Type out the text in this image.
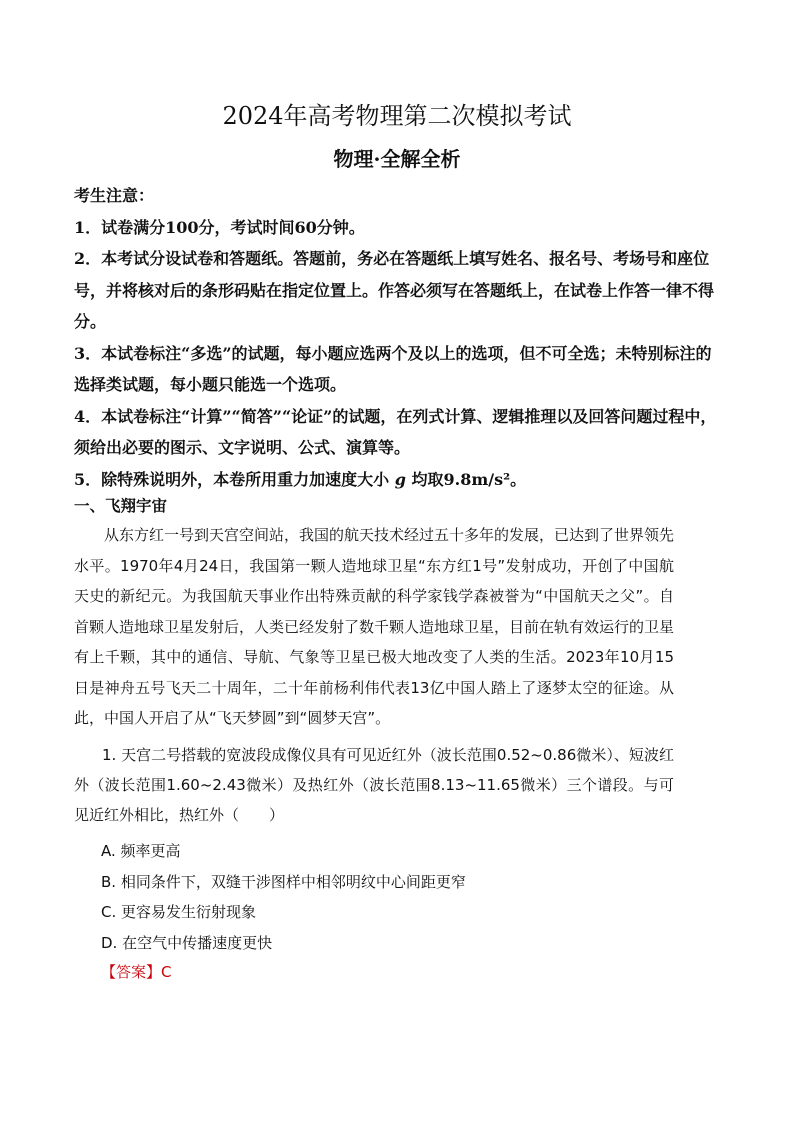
2024年高考物理第二次模拟考试
物理·全解全析
考生注意：
1．试卷满分100分，考试时间60分钟。
2．本考试分设试卷和答题纸。答题前，务必在答题纸上填写姓名、报名号、考场号和座位号，并将核对后的条形码贴在指定位置上。作答必须写在答题纸上，在试卷上作答一律不得分。
3．本试卷标注“多选”的试题，每小题应选两个及以上的选项，但不可全选；未特别标注的选择类试题，每小题只能选一个选项。
4．本试卷标注“计算”“简答”“论证”的试题，在列式计算、逻辑推理以及回答问题过程中，须给出必要的图示、文字说明、公式、演算等。
5．除特殊说明外，本卷所用重力加速度大小 g 均取9.8m/s²。
一、飞翔宇宙
从东方红一号到天宫空间站，我国的航天技术经过五十多年的发展，已达到了世界领先水平。1970年4月24日，我国第一颗人造地球卫星“东方红1号”发射成功，开创了中国航天史的新纪元。为我国航天事业作出特殊贡献的科学家钱学森被誉为“中国航天之父”。自首颗人造地球卫星发射后，人类已经发射了数千颗人造地球卫星，目前在轨有效运行的卫星有上千颗，其中的通信、导航、气象等卫星已极大地改变了人类的生活。2023年10月15日是神舟五号飞天二十周年，二十年前杨利伟代表13亿中国人踏上了逐梦太空的征途。从此，中国人开启了从“飞天梦圆”到“圆梦天宫”。
1. 天宫二号搭载的宽波段成像仪具有可见近红外（波长范围0.52~0.86微米）、短波红外（波长范围1.60~2.43微米）及热红外（波长范围8.13~11.65微米）三个谱段。与可见近红外相比，热红外（　　）
A. 频率更高
B. 相同条件下，双缝干涉图样中相邻明纹中心间距更窄
C. 更容易发生衍射现象
D. 在空气中传播速度更快
【答案】C
